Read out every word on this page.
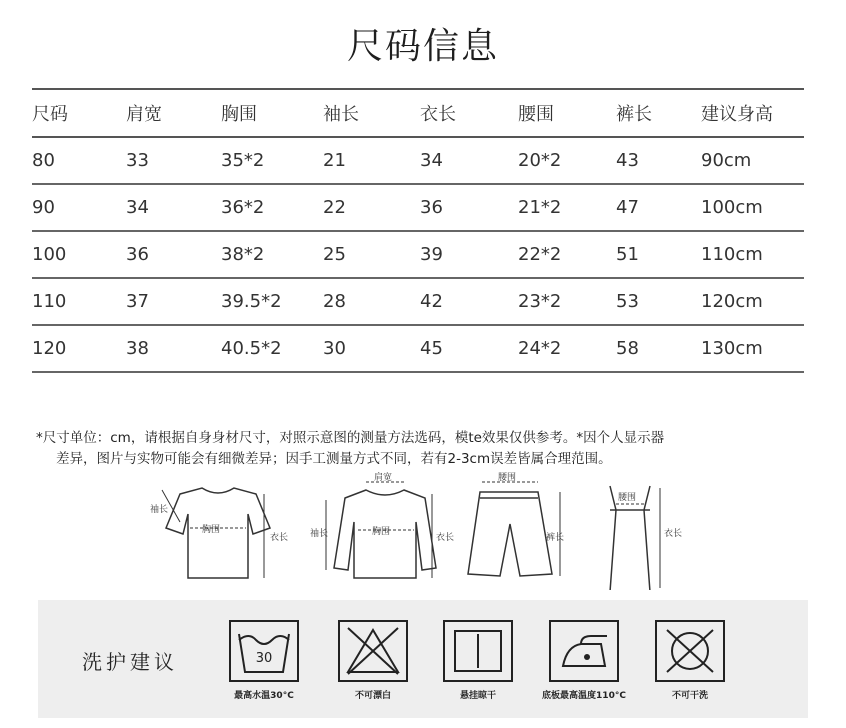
尺码信息
尺码	肩宽	胸围	袖长	衣长	腰围	裤长	建议身高
80	33	35*2	21	34	20*2	43	90cm
90	34	36*2	22	36	21*2	47	100cm
100	36	38*2	25	39	22*2	51	110cm
110	37	39.5*2	28	42	23*2	53	120cm
120	38	40.5*2	30	45	24*2	58	130cm
*尺寸单位：cm，请根据自身身材尺寸，对照示意图的测量方法选码，模te效果仅供参考。*因个人显示器
差异，图片与实物可能会有细微差异；因手工测量方式不同，若有2-3cm误差皆属合理范围。
胸围
衣长
袖长
肩宽
胸围
袖长	衣长
腰围
裤长
腰围
衣长
洗护建议	30
最高水温30°C	不可漂白	悬挂晾干	底板最高温度110°C	不可干洗
